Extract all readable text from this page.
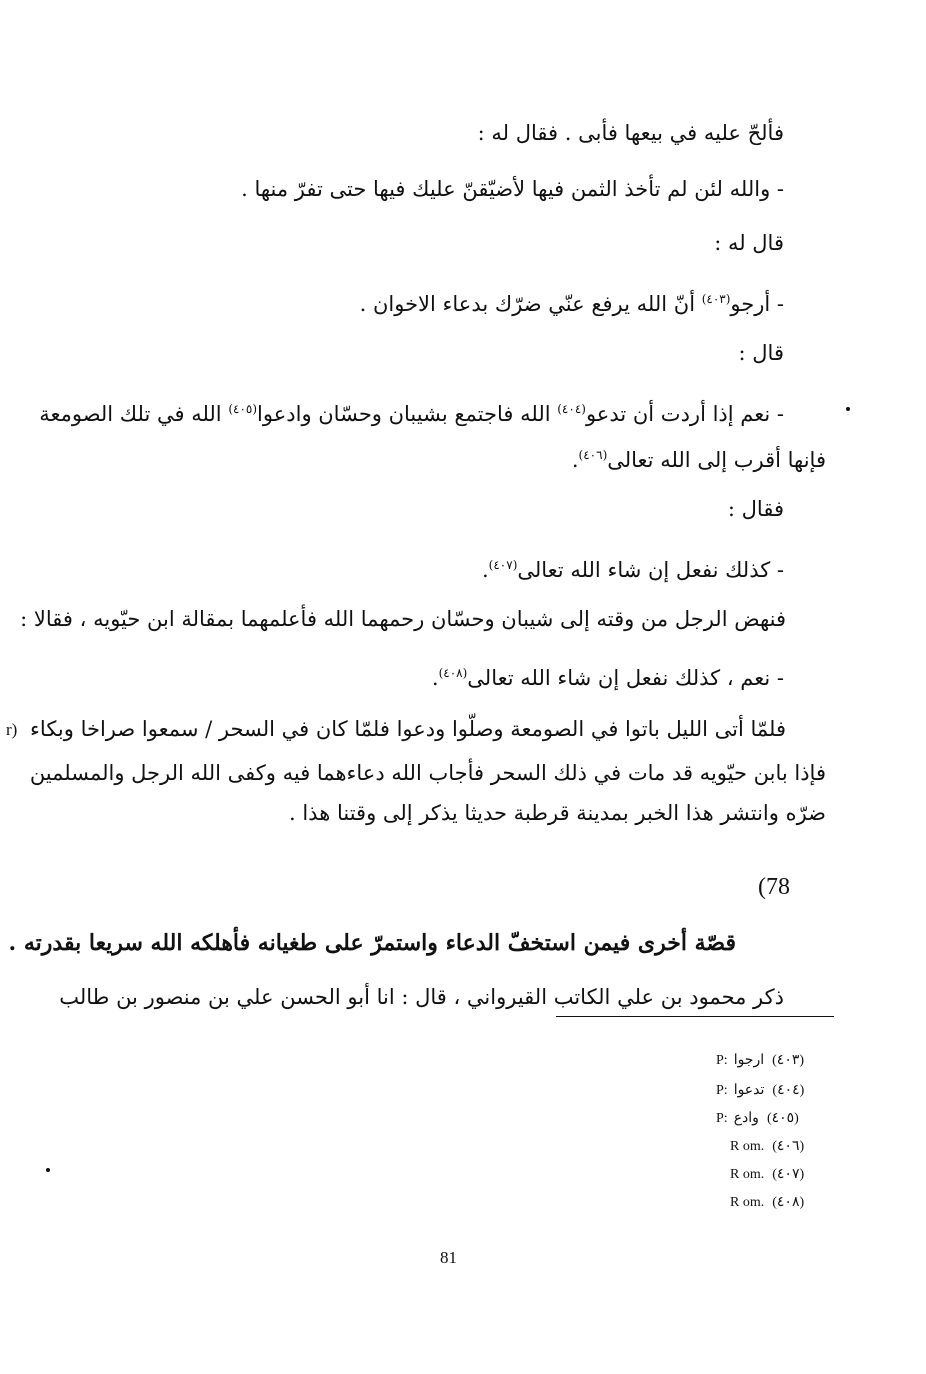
فألحّ عليه في بيعها فأبى . فقال له :
- والله لئن لم تأخذ الثمن فيها لأضيّقنّ عليك فيها حتى تفرّ منها .
قال له :
- أرجو$^{(٤٠٣)}$ أنّ الله يرفع عنّي ضرّك بدعاء الاخوان .
قال :
- نعم إذا أردت أن تدعو$^{(٤٠٤)}$ الله فاجتمع بشيبان وحسّان وادعوا$^{(٤٠٥)}$ الله في تلك الصومعة
فإنها أقرب إلى الله تعالى$^{(٤٠٦)}$.
فقال :
- كذلك نفعل إن شاء الله تعالى$^{(٤٠٧)}$.
فنهض الرجل من وقته إلى شيبان وحسّان رحمهما الله فأعلمهما بمقالة ابن حيّويه ، فقالا :
- نعم ، كذلك نفعل إن شاء الله تعالى$^{(٤٠٨)}$.
فلمّا أتى الليل باتوا في الصومعة وصلّوا ودعوا فلمّا كان في السحر / سمعوا صراخا وبكاء
فإذا بابن حيّويه قد مات في ذلك السحر فأجاب الله دعاءهما فيه وكفى الله الرجل والمسلمين
ضرّه وانتشر هذا الخبر بمدينة قرطبة حديثا يذكر إلى وقتنا هذا .
r)
(78
قصّة أخرى فيمن استخفّ الدعاء واستمرّ على طغيانه فأهلكه الله سريعا بقدرته .
ذكر محمود بن علي الكاتب القيرواني ، قال : انا أبو الحسن علي بن منصور بن طالب
P: ارجوا (٤٠٣)
P: تدعوا (٤٠٤)
P: وادع (٤٠٥)
R om. (٤٠٦)
R om. (٤٠٧)
R om. (٤٠٨)
81
